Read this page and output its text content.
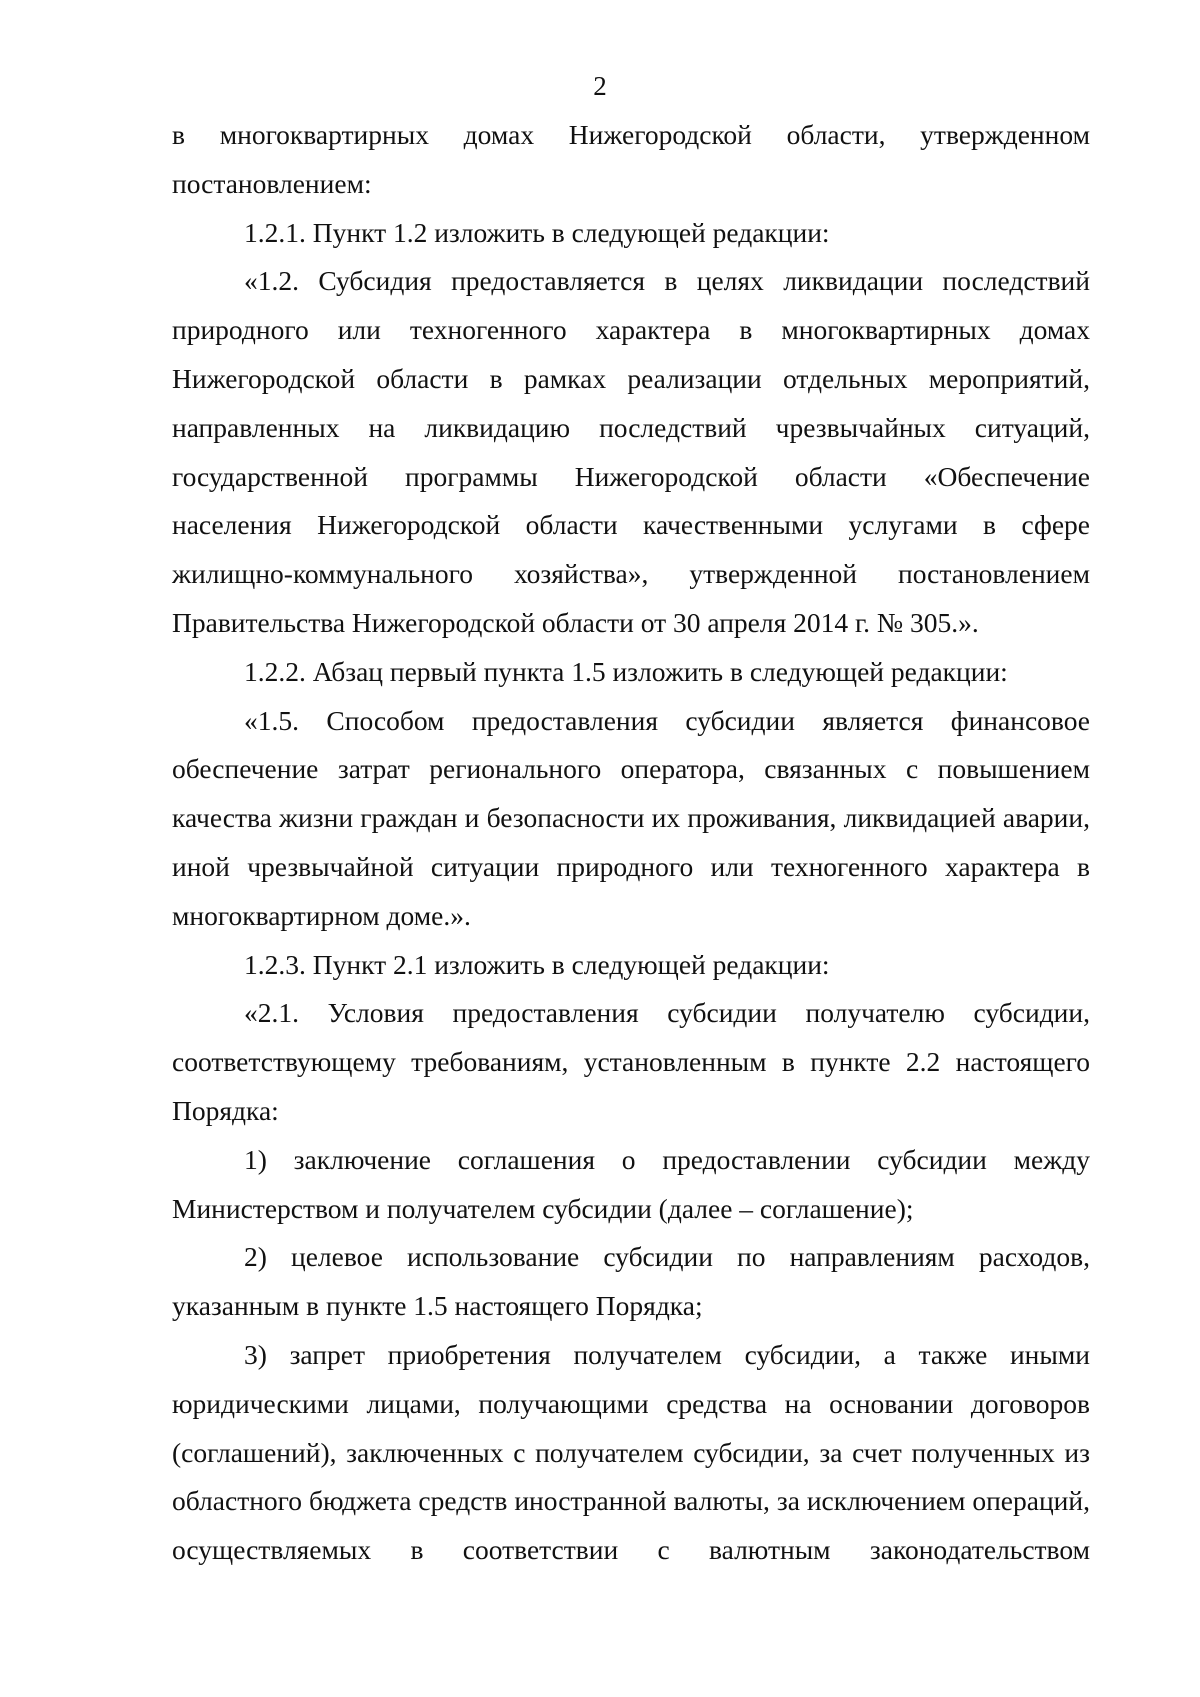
2

в многоквартирных домах Нижегородской области, утвержденном постановлением:

1.2.1. Пункт 1.2 изложить в следующей редакции:

«1.2. Субсидия предоставляется в целях ликвидации последствий природного или техногенного характера в многоквартирных домах Нижегородской области в рамках реализации отдельных мероприятий, направленных на ликвидацию последствий чрезвычайных ситуаций, государственной программы Нижегородской области «Обеспечение населения Нижегородской области качественными услугами в сфере жилищно-коммунального хозяйства», утвержденной постановлением Правительства Нижегородской области от 30 апреля 2014 г. № 305.».

1.2.2. Абзац первый пункта 1.5 изложить в следующей редакции:

«1.5. Способом предоставления субсидии является финансовое обеспечение затрат регионального оператора, связанных с повышением качества жизни граждан и безопасности их проживания, ликвидацией аварии, иной чрезвычайной ситуации природного или техногенного характера в многоквартирном доме.».

1.2.3. Пункт 2.1 изложить в следующей редакции:

«2.1. Условия предоставления субсидии получателю субсидии, соответствующему требованиям, установленным в пункте 2.2 настоящего Порядка:

1) заключение соглашения о предоставлении субсидии между Министерством и получателем субсидии (далее – соглашение);

2) целевое использование субсидии по направлениям расходов, указанным в пункте 1.5 настоящего Порядка;

3) запрет приобретения получателем субсидии, а также иными юридическими лицами, получающими средства на основании договоров (соглашений), заключенных с получателем субсидии, за счет полученных из областного бюджета средств иностранной валюты, за исключением операций, осуществляемых в соответствии с валютным законодательством
